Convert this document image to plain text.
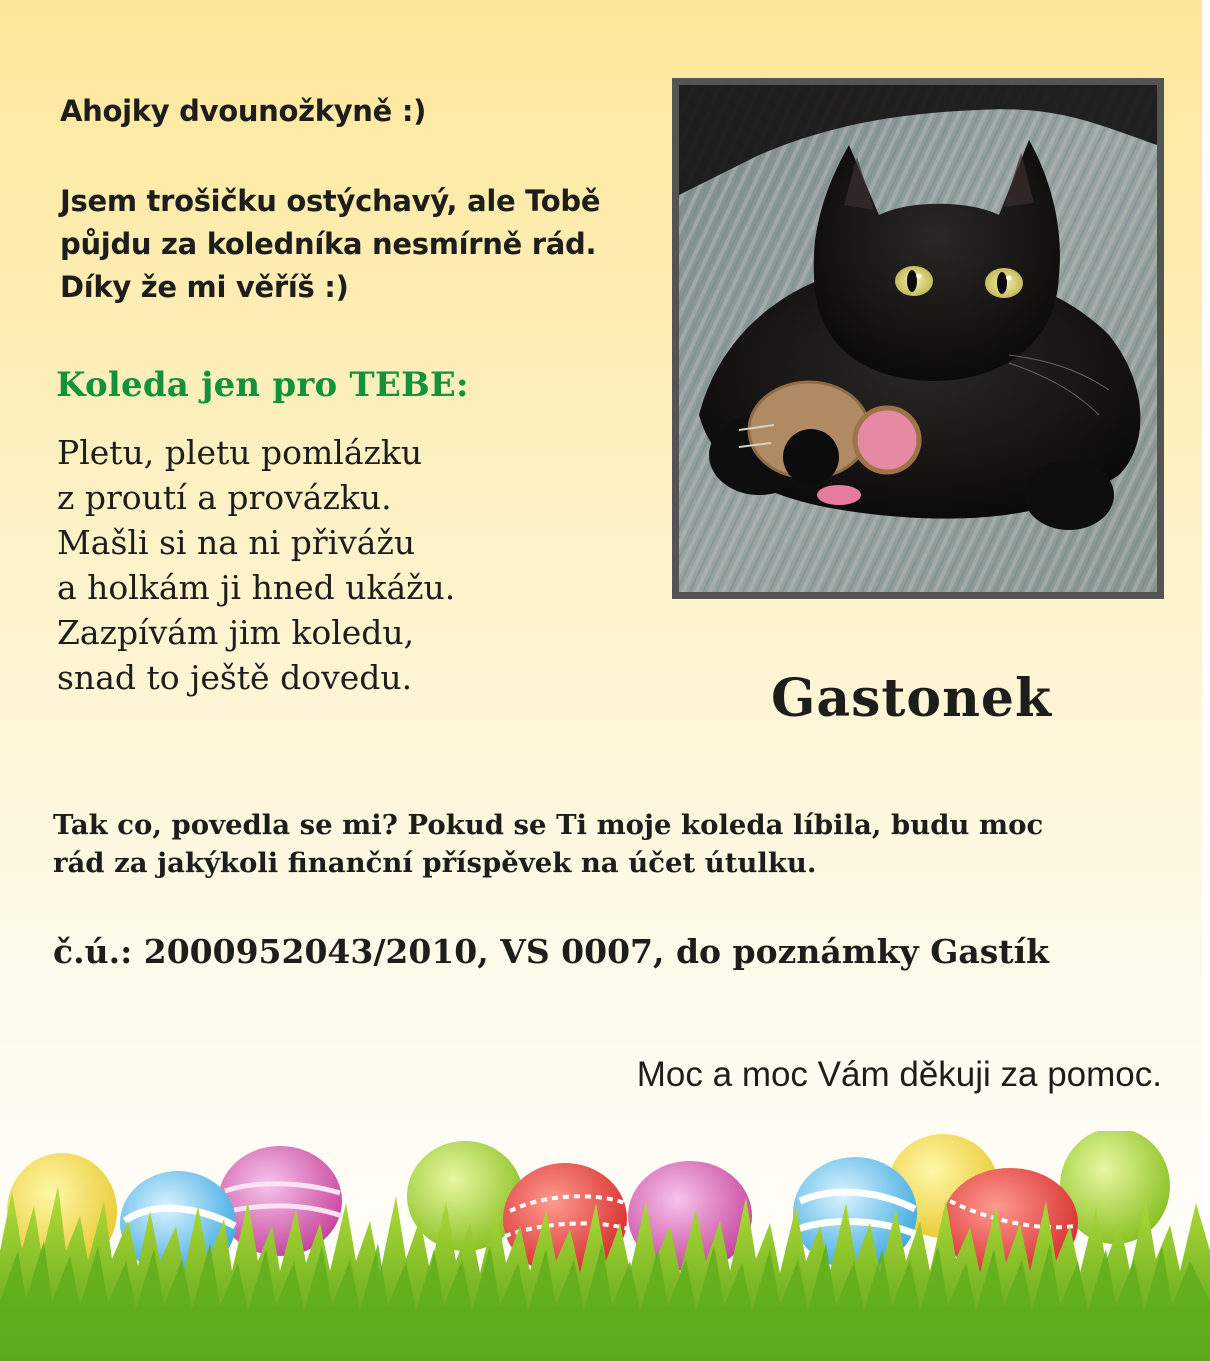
Ahojky dvounožkyně :)
Jsem trošičku ostýchavý, ale Tobě
půjdu za koledníka nesmírně rád.
Díky že mi věříš :)
Koleda jen pro TEBE:
Pletu, pletu pomlázku
z proutí a provázku.
Mašli si na ni přivážu
a holkám ji hned ukážu.
Zazpívám jim koledu,
snad to ještě dovedu.	Gastonek
Tak co, povedla se mi? Pokud se Ti moje koleda líbila, budu moc
rád za jakýkoli finanční příspěvek na účet útulku.
č.ú.: 2000952043/2010, VS 0007, do poznámky Gastík
Moc a moc Vám děkuji za pomoc.
